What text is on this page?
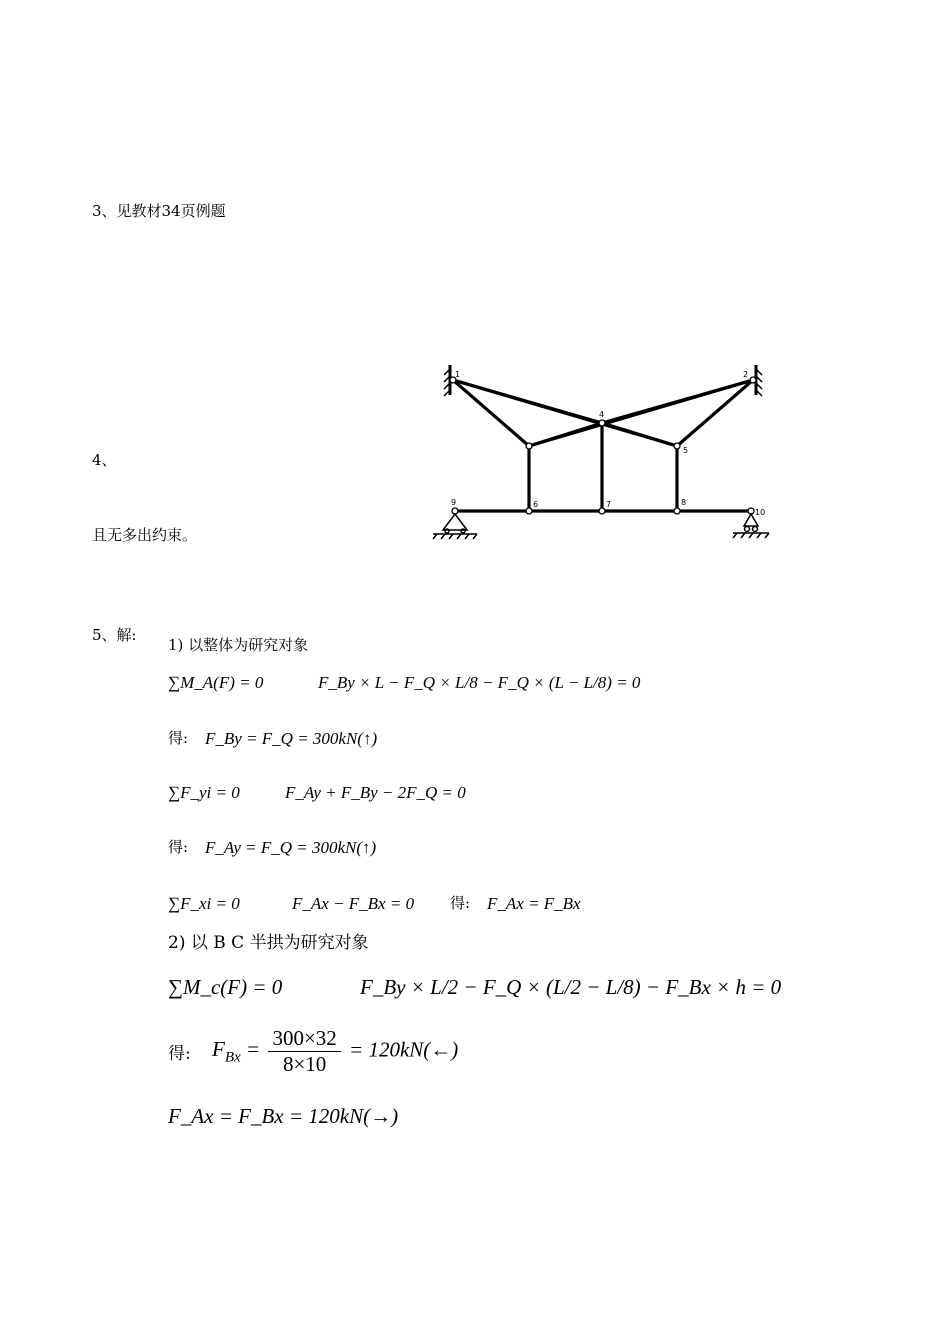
3、见教材34页例题
4、
且无多出约束。
1	2
4
5
6	7	8
9
10
5、解:
1) 以整体为研究对象
∑M_A(F) = 0	F_By × L − F_Q × L/8 − F_Q × (L − L/8) = 0
得: F_By = F_Q = 300kN(↑)
∑F_yi = 0	F_Ay + F_By − 2F_Q = 0
得: F_Ay = F_Q = 300kN(↑)
∑F_xi = 0	F_Ax − F_Bx = 0 得: F_Ax = F_Bx
2) 以 B C 半拱为研究对象
∑M_c(F) = 0	F_By × L/2 − F_Q × (L/2 − L/8) − F_Bx × h = 0
得: $F_{Bx} = \frac{300\times 32}{8\times 10}$ = 120kN(←)
F_Ax = F_Bx = 120kN(→)
